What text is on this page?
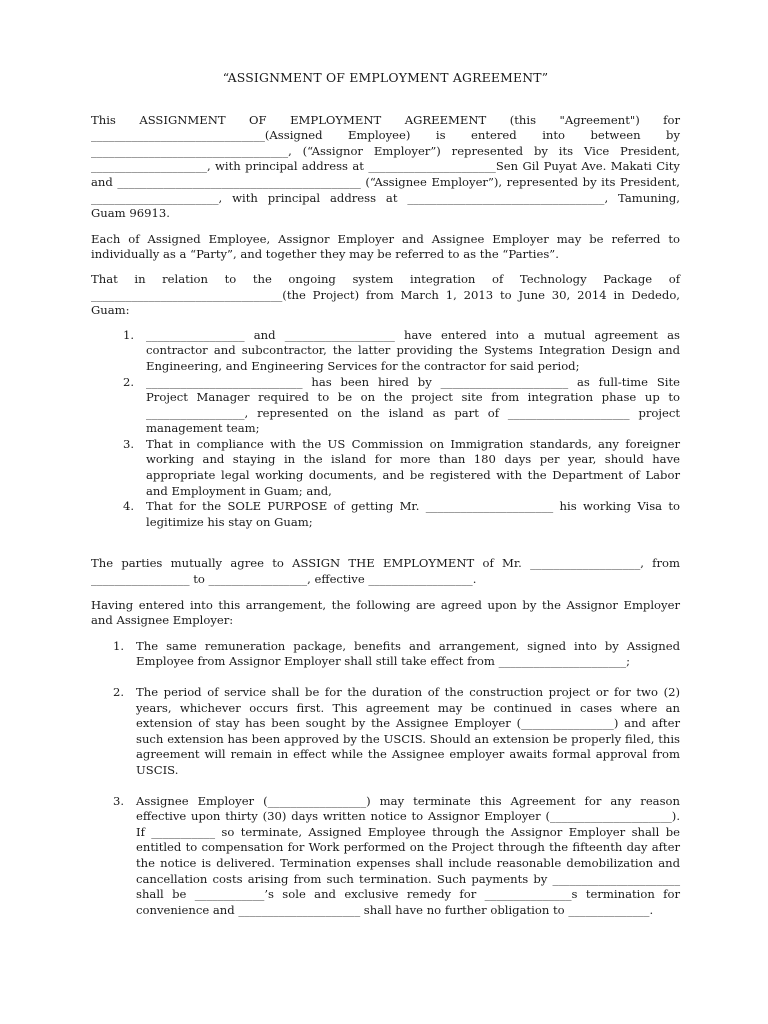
“ASSIGNMENT OF EMPLOYMENT AGREEMENT”

This ASSIGNMENT OF EMPLOYMENT AGREEMENT (this "Agreement") for ______________________________(Assigned Employee) is entered into between by __________________________________, (“Assignor Employer”) represented by its Vice President, ____________________, with principal address at ______________________Sen Gil Puyat Ave. Makati City and __________________________________________ (“Assignee Employer”), represented by its President, ______________________, with principal address at __________________________________, Tamuning, Guam 96913.

Each of Assigned Employee, Assignor Employer and Assignee Employer may be referred to individually as a “Party”, and together they may be referred to as the “Parties”.

That in relation to the ongoing system integration of Technology Package of _________________________________(the Project) from March 1, 2013 to June 30, 2014 in Dededo, Guam:

1. _________________ and ___________________ have entered into a mutual agreement as contractor and subcontractor, the latter providing the Systems Integration Design and Engineering, and Engineering Services for the contractor for said period;
2. ___________________________ has been hired by ______________________ as full-time Site Project Manager required to be on the project site from integration phase up to _________________, represented on the island as part of _____________________ project management team;
3. That in compliance with the US Commission on Immigration standards, any foreigner working and staying in the island for more than 180 days per year, should have appropriate legal working documents, and be registered with the Department of Labor and Employment in Guam; and,
4. That for the SOLE PURPOSE of getting Mr. ______________________ his working Visa to legitimize his stay on Guam;

The parties mutually agree to ASSIGN THE EMPLOYMENT of Mr. ___________________, from _________________ to _________________, effective __________________.

Having entered into this arrangement, the following are agreed upon by the Assignor Employer and Assignee Employer:

1. The same remuneration package, benefits and arrangement, signed into by Assigned Employee from Assignor Employer shall still take effect from ______________________;
2. The period of service shall be for the duration of the construction project or for two (2) years, whichever occurs first. This agreement may be continued in cases where an extension of stay has been sought by the Assignee Employer (________________) and after such extension has been approved by the USCIS. Should an extension be properly filed, this agreement will remain in effect while the Assignee employer awaits formal approval from USCIS.
3. Assignee Employer (_________________) may terminate this Agreement for any reason effective upon thirty (30) days written notice to Assignor Employer (_____________________). If ___________ so terminate, Assigned Employee through the Assignor Employer shall be entitled to compensation for Work performed on the Project through the fifteenth day after the notice is delivered. Termination expenses shall include reasonable demobilization and cancellation costs arising from such termination. Such payments by ______________________ shall be ____________’s sole and exclusive remedy for _______________s termination for convenience and _____________________ shall have no further obligation to ______________.
